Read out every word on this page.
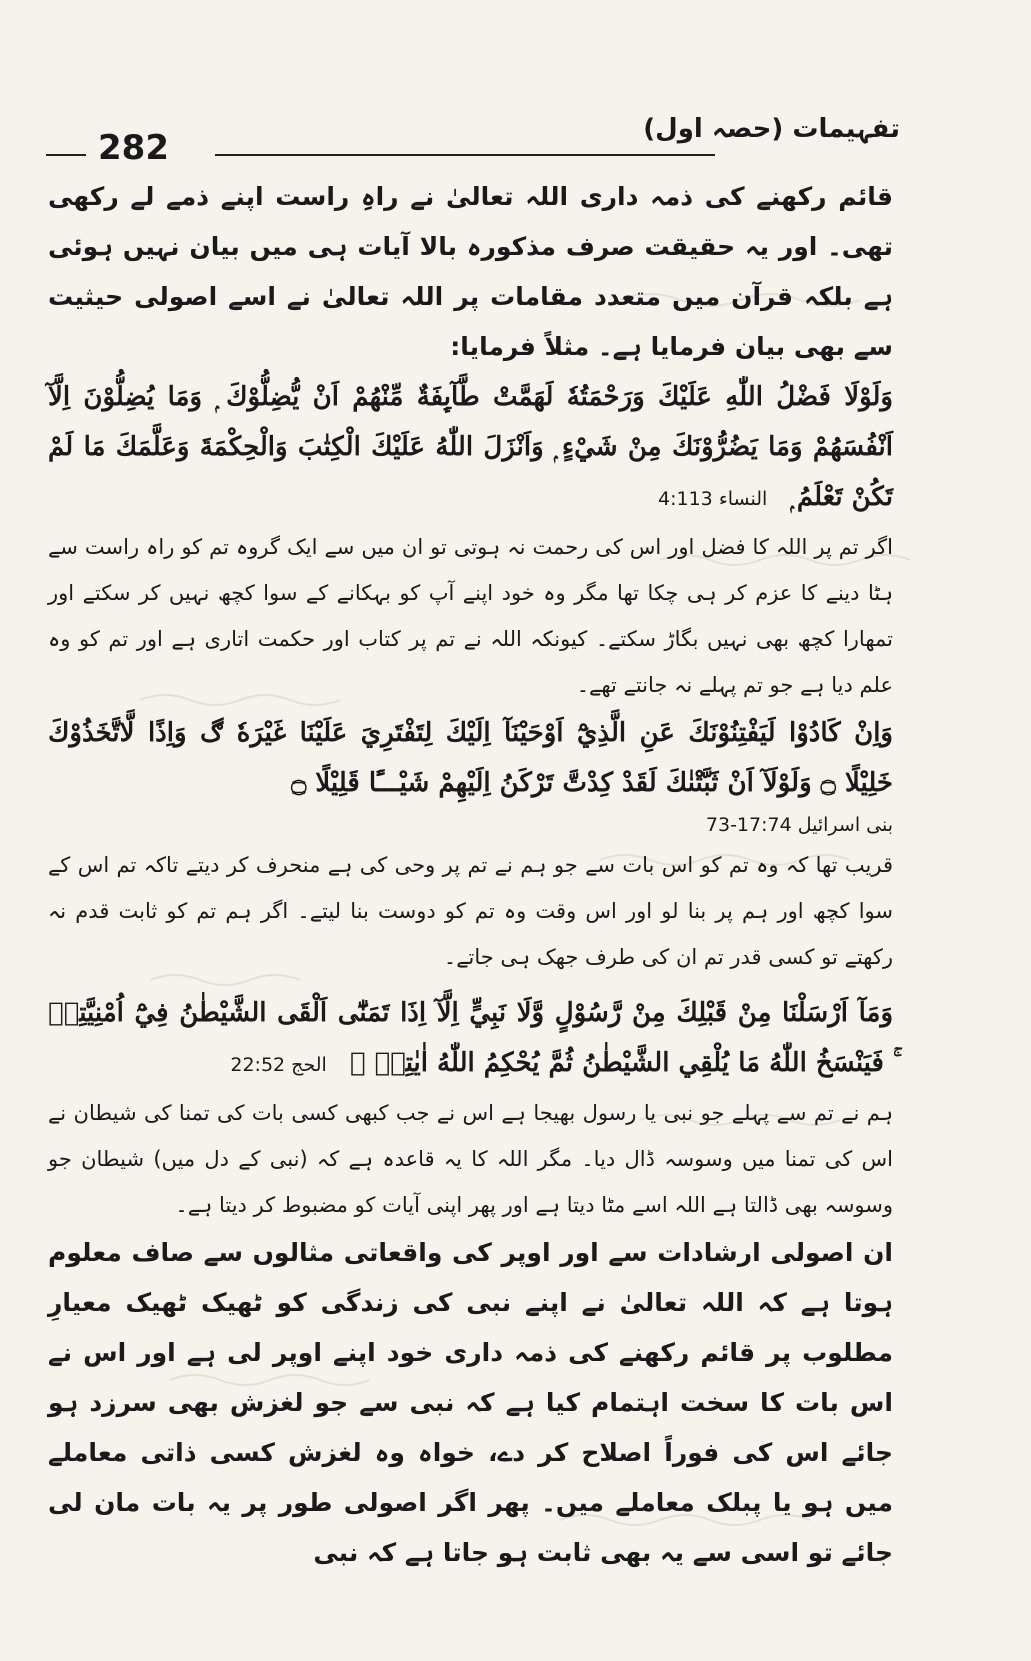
282	تفہیمات (حصہ اول)

قائم رکھنے کی ذمہ داری اللہ تعالیٰ نے راہِ راست اپنے ذمے لے رکھی تھی۔ اور یہ حقیقت صرف مذکورہ بالا آیات ہی میں بیان نہیں ہوئی ہے بلکہ قرآن میں متعدد مقامات پر اللہ تعالیٰ نے اسے اصولی حیثیت سے بھی بیان فرمایا ہے۔ مثلاً فرمایا:

وَلَوْلَا فَضْلُ اللّٰهِ عَلَيْكَ وَرَحْمَتُهٗ لَهَمَّتْ طَّآىِٕفَةٌ مِّنْهُمْ اَنْ يُّضِلُّوْكَ ۭ وَمَا يُضِلُّوْنَ اِلَّآ اَنْفُسَھُمْ وَمَا يَضُرُّوْنَكَ مِنْ شَيْءٍ ۭ وَاَنْزَلَ اللّٰهُ عَلَيْكَ الْكِتٰبَ وَالْحِكْمَةَ وَعَلَّمَكَ مَا لَمْ تَكُنْ تَعْلَمُ ۭ النساء 4:113

اگر تم پر اللہ کا فضل اور اس کی رحمت نہ ہوتی تو ان میں سے ایک گروہ تم کو راہ راست سے ہٹا دینے کا عزم کر ہی چکا تھا مگر وہ خود اپنے آپ کو بہکانے کے سوا کچھ نہیں کر سکتے اور تمھارا کچھ بھی نہیں بگاڑ سکتے۔ کیونکہ اللہ نے تم پر کتاب اور حکمت اتاری ہے اور تم کو وہ علم دیا ہے جو تم پہلے نہ جانتے تھے۔

وَاِنْ كَادُوْا لَيَفْتِنُوْنَكَ عَنِ الَّذِيْٓ اَوْحَيْنَآ اِلَيْكَ لِتَفْتَرِيَ عَلَيْنَا غَيْرَهٗ ڰ وَاِذًا لَّاتَّخَذُوْكَ خَلِيْلًا ۝ وَلَوْلَآ اَنْ ثَبَّتْنٰكَ لَقَدْ كِدْتَّ تَرْكَنُ اِلَيْهِمْ شَيْـــًٔا قَلِيْلًا ۝

بنی اسرائیل 17:74-73

قریب تھا کہ وہ تم کو اس بات سے جو ہم نے تم پر وحی کی ہے منحرف کر دیتے تاکہ تم اس کے سوا کچھ اور ہم پر بنا لو اور اس وقت وہ تم کو دوست بنا لیتے۔ اگر ہم تم کو ثابت قدم نہ رکھتے تو کسی قدر تم ان کی طرف جھک ہی جاتے۔

وَمَآ اَرْسَلْنَا مِنْ قَبْلِكَ مِنْ رَّسُوْلٍ وَّلَا نَبِيٍّ اِلَّآ اِذَا تَمَنّٰٓى اَلْقَى الشَّيْطٰنُ فِيْٓ اُمْنِيَّتِهٖ ۚ فَيَنْسَخُ اللّٰهُ مَا يُلْقِي الشَّيْطٰنُ ثُمَّ يُحْكِمُ اللّٰهُ اٰيٰتِهٖ ۭ الحج 22:52

ہم نے تم سے پہلے جو نبی یا رسول بھیجا ہے اس نے جب کبھی کسی بات کی تمنا کی شیطان نے اس کی تمنا میں وسوسہ ڈال دیا۔ مگر اللہ کا یہ قاعدہ ہے کہ (نبی کے دل میں) شیطان جو وسوسہ بھی ڈالتا ہے اللہ اسے مٹا دیتا ہے اور پھر اپنی آیات کو مضبوط کر دیتا ہے۔

ان اصولی ارشادات سے اور اوپر کی واقعاتی مثالوں سے صاف معلوم ہوتا ہے کہ اللہ تعالیٰ نے اپنے نبی کی زندگی کو ٹھیک ٹھیک معیارِ مطلوب پر قائم رکھنے کی ذمہ داری خود اپنے اوپر لی ہے اور اس نے اس بات کا سخت اہتمام کیا ہے کہ نبی سے جو لغزش بھی سرزد ہو جائے اس کی فوراً اصلاح کر دے، خواہ وہ لغزش کسی ذاتی معاملے میں ہو یا پبلک معاملے میں۔ پھر اگر اصولی طور پر یہ بات مان لی جائے تو اسی سے یہ بھی ثابت ہو جاتا ہے کہ نبی
